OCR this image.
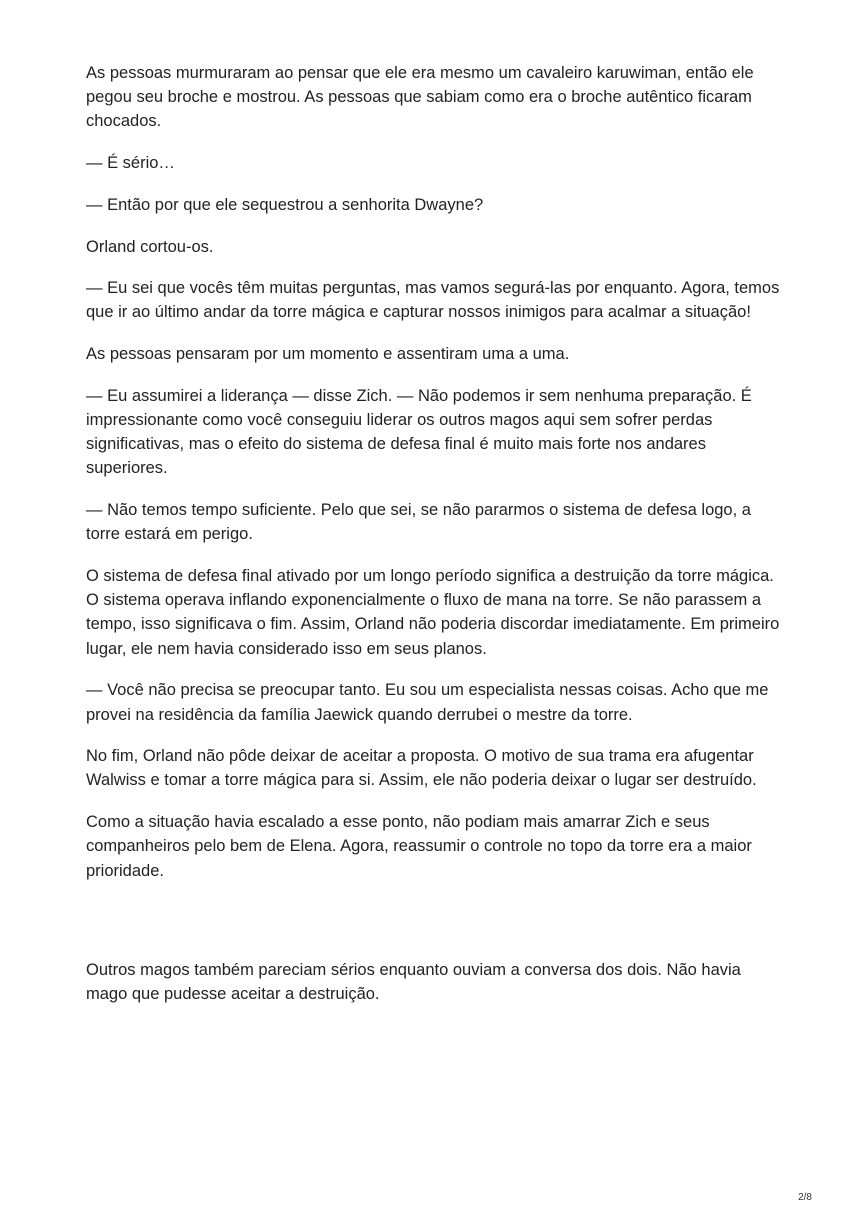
As pessoas murmuraram ao pensar que ele era mesmo um cavaleiro karuwiman, então ele pegou seu broche e mostrou. As pessoas que sabiam como era o broche autêntico ficaram chocados.

— É sério…

— Então por que ele sequestrou a senhorita Dwayne?

Orland cortou-os.

— Eu sei que vocês têm muitas perguntas, mas vamos segurá-las por enquanto. Agora, temos que ir ao último andar da torre mágica e capturar nossos inimigos para acalmar a situação!

As pessoas pensaram por um momento e assentiram uma a uma.

— Eu assumirei a liderança — disse Zich. — Não podemos ir sem nenhuma preparação. É impressionante como você conseguiu liderar os outros magos aqui sem sofrer perdas significativas, mas o efeito do sistema de defesa final é muito mais forte nos andares superiores.

— Não temos tempo suficiente. Pelo que sei, se não pararmos o sistema de defesa logo, a torre estará em perigo.

O sistema de defesa final ativado por um longo período significa a destruição da torre mágica. O sistema operava inflando exponencialmente o fluxo de mana na torre. Se não parassem a tempo, isso significava o fim. Assim, Orland não poderia discordar imediatamente. Em primeiro lugar, ele nem havia considerado isso em seus planos.

— Você não precisa se preocupar tanto. Eu sou um especialista nessas coisas. Acho que me provei na residência da família Jaewick quando derrubei o mestre da torre.

No fim, Orland não pôde deixar de aceitar a proposta. O motivo de sua trama era afugentar Walwiss e tomar a torre mágica para si. Assim, ele não poderia deixar o lugar ser destruído.

Como a situação havia escalado a esse ponto, não podiam mais amarrar Zich e seus companheiros pelo bem de Elena. Agora, reassumir o controle no topo da torre era a maior prioridade.

Outros magos também pareciam sérios enquanto ouviam a conversa dos dois. Não havia mago que pudesse aceitar a destruição.

2/8
